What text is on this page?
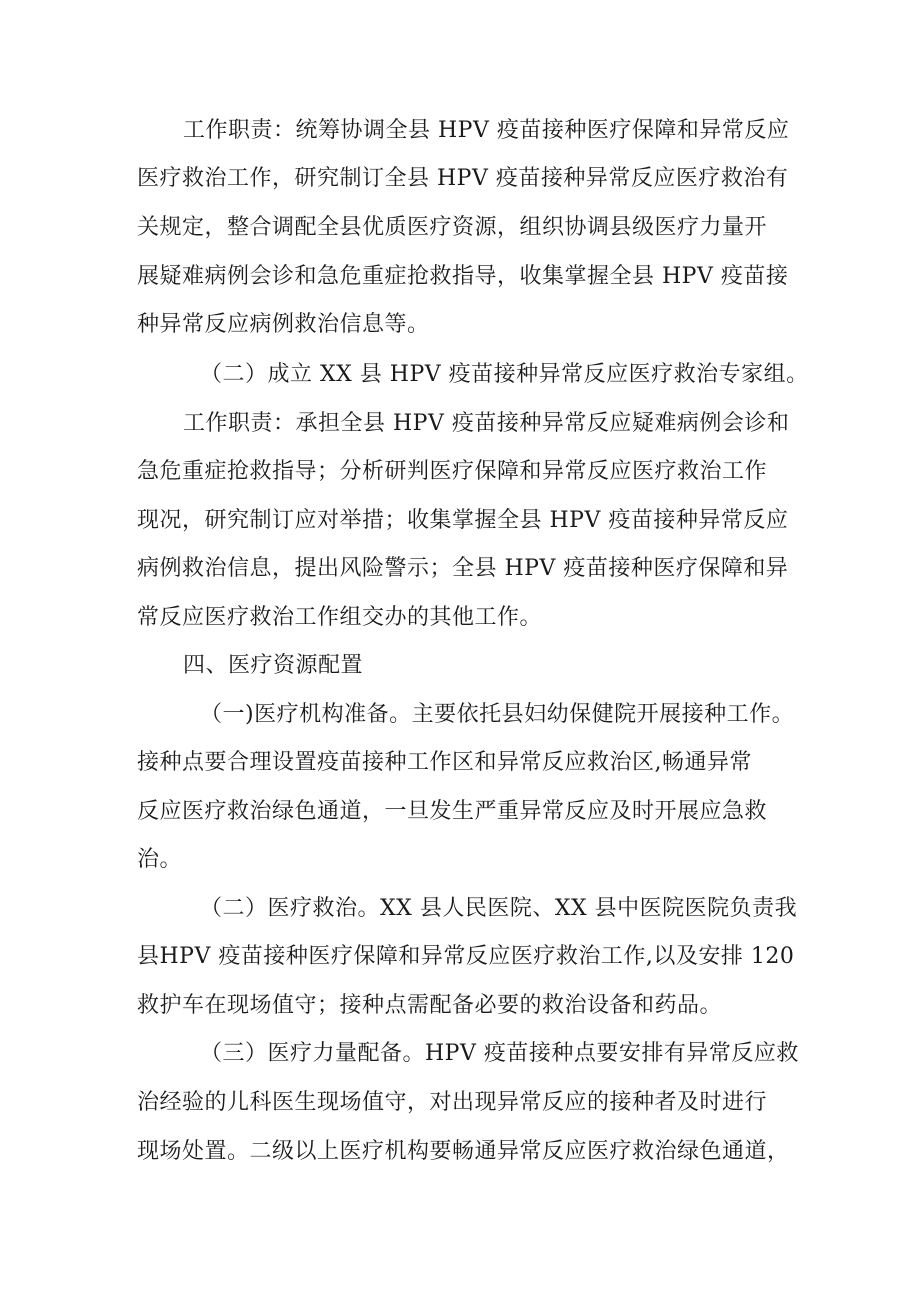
工作职责：统筹协调全县 HPV 疫苗接种医疗保障和异常反应
医疗救治工作，研究制订全县 HPV 疫苗接种异常反应医疗救治有
关规定，整合调配全县优质医疗资源，组织协调县级医疗力量开
展疑难病例会诊和急危重症抢救指导，收集掌握全县 HPV 疫苗接
种异常反应病例救治信息等。
（二）成立 XX 县 HPV 疫苗接种异常反应医疗救治专家组。
工作职责：承担全县 HPV 疫苗接种异常反应疑难病例会诊和
急危重症抢救指导；分析研判医疗保障和异常反应医疗救治工作
现况，研究制订应对举措；收集掌握全县 HPV 疫苗接种异常反应
病例救治信息，提出风险警示；全县 HPV 疫苗接种医疗保障和异
常反应医疗救治工作组交办的其他工作。
四、医疗资源配置
（一)医疗机构准备。主要依托县妇幼保健院开展接种工作。
接种点要合理设置疫苗接种工作区和异常反应救治区,畅通异常
反应医疗救治绿色通道，一旦发生严重异常反应及时开展应急救
治。
（二）医疗救治。XX 县人民医院、XX 县中医院医院负责我
县HPV 疫苗接种医疗保障和异常反应医疗救治工作,以及安排 120
救护车在现场值守；接种点需配备必要的救治设备和药品。
（三）医疗力量配备。HPV 疫苗接种点要安排有异常反应救
治经验的儿科医生现场值守，对出现异常反应的接种者及时进行
现场处置。二级以上医疗机构要畅通异常反应医疗救治绿色通道，
